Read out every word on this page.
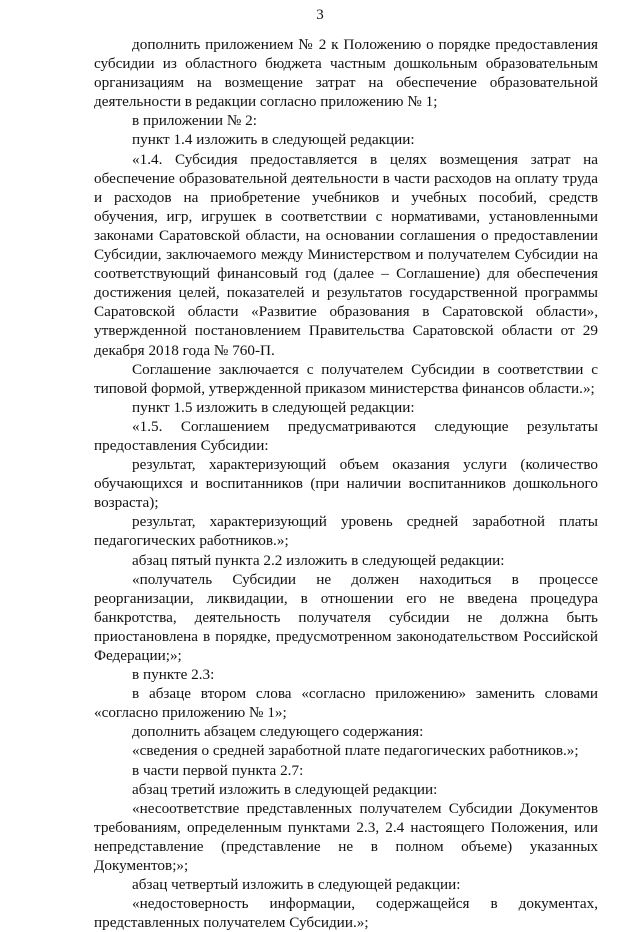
3

дополнить приложением № 2 к Положению о порядке предоставления субсидии из областного бюджета частным дошкольным образовательным организациям на возмещение затрат на обеспечение образовательной деятельности в редакции согласно приложению № 1;

в приложении № 2:

пункт 1.4 изложить в следующей редакции:

«1.4. Субсидия предоставляется в целях возмещения затрат на обеспечение образовательной деятельности в части расходов на оплату труда и расходов на приобретение учебников и учебных пособий, средств обучения, игр, игрушек в соответствии с нормативами, установленными законами Саратовской области, на основании соглашения о предоставлении Субсидии, заключаемого между Министерством и получателем Субсидии на соответствующий финансовый год (далее – Соглашение) для обеспечения достижения целей, показателей и результатов государственной программы Саратовской области «Развитие образования в Саратовской области», утвержденной постановлением Правительства Саратовской области от 29 декабря 2018 года № 760-П.

Соглашение заключается с получателем Субсидии в соответствии с типовой формой, утвержденной приказом министерства финансов области.»;

пункт 1.5 изложить в следующей редакции:

«1.5. Соглашением предусматриваются следующие результаты предоставления Субсидии:

результат, характеризующий объем оказания услуги (количество обучающихся и воспитанников (при наличии воспитанников дошкольного возраста);

результат, характеризующий уровень средней заработной платы педагогических работников.»;

абзац пятый пункта 2.2 изложить в следующей редакции:

«получатель Субсидии не должен находиться в процессе реорганизации, ликвидации, в отношении его не введена процедура банкротства, деятельность получателя субсидии не должна быть приостановлена в порядке, предусмотренном законодательством Российской Федерации;»;

в пункте 2.3:

в абзаце втором слова «согласно приложению» заменить словами «согласно приложению № 1»;

дополнить абзацем следующего содержания:

«сведения о средней заработной плате педагогических работников.»;

в части первой пункта 2.7:

абзац третий изложить в следующей редакции:

«несоответствие представленных получателем Субсидии Документов требованиям, определенным пунктами 2.3, 2.4 настоящего Положения, или непредставление (представление не в полном объеме) указанных Документов;»;

абзац четвертый изложить в следующей редакции:

«недостоверность информации, содержащейся в документах, представленных получателем Субсидии.»;
